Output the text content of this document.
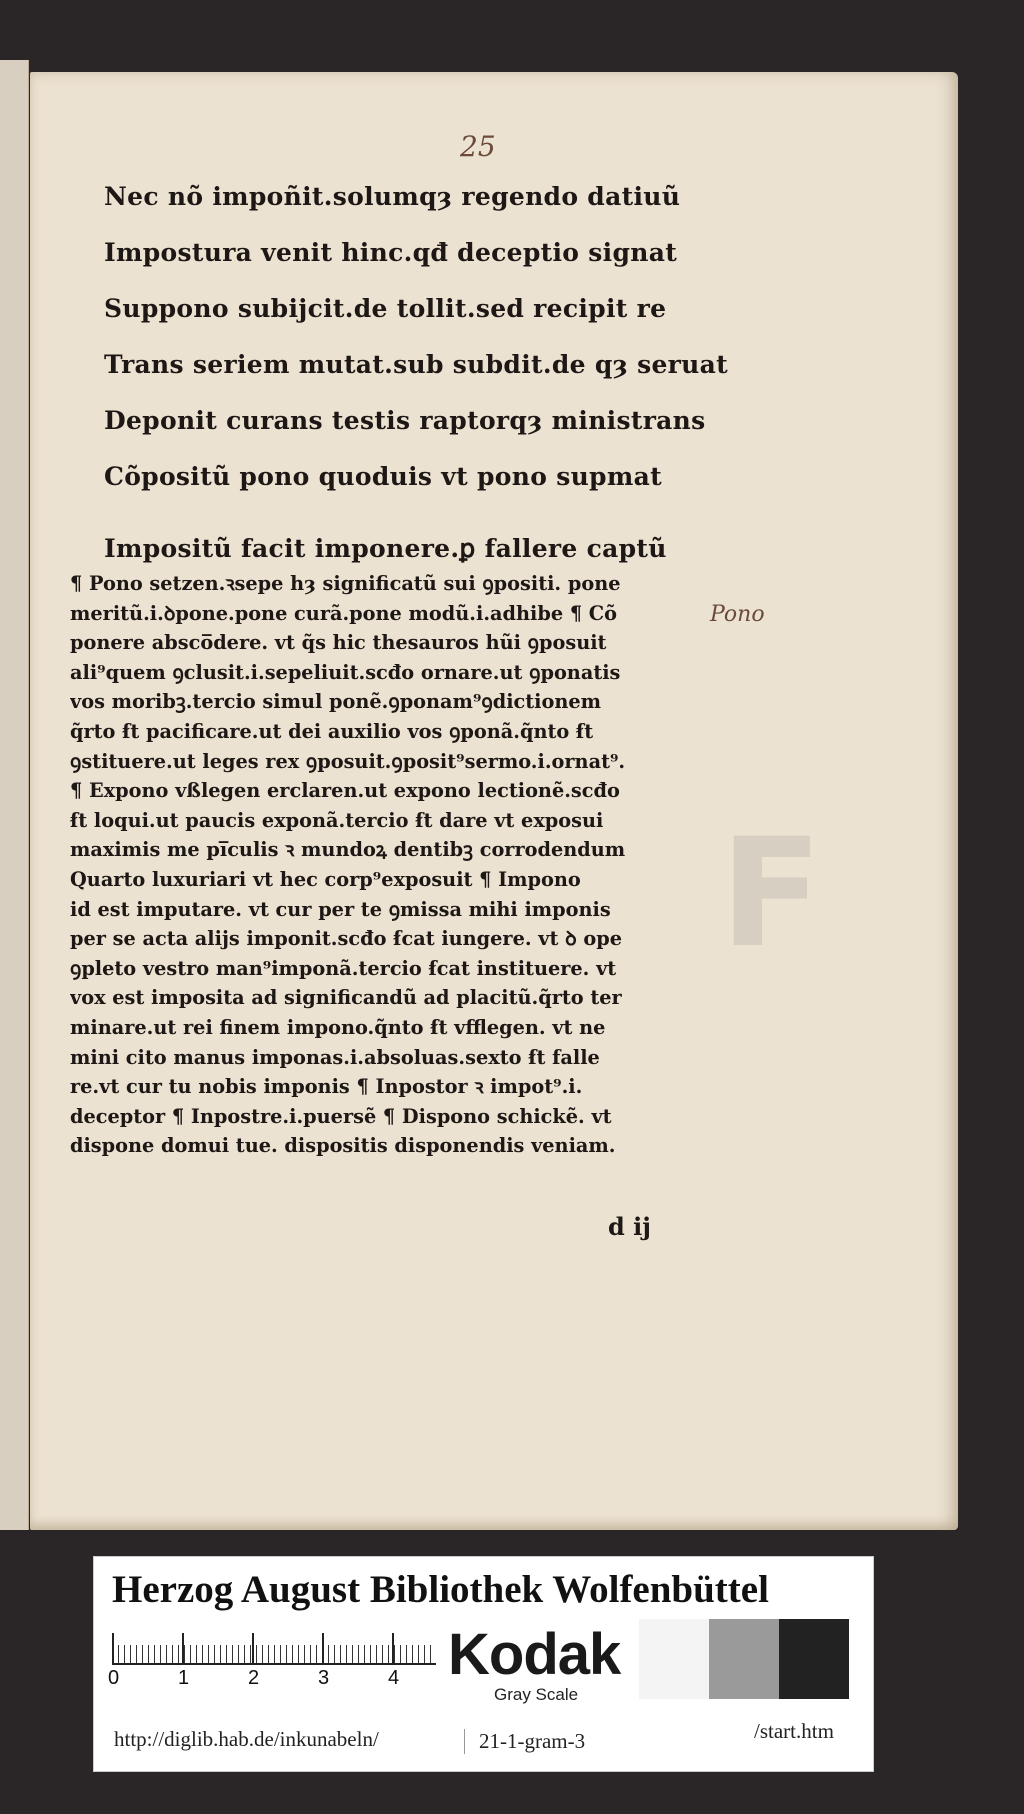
25
Nec nõ impoñit.solumqȝ regendo datiuũ
Impostura venit hinc.qđ deceptio signat
Suppono subijcit.de tollit.sed recipit re
Trans seriem mutat.sub subdit.de qȝ seruat
Deponit curans testis raptorqȝ ministrans
Cõpositũ pono quoduis vt pono supmat
Impositũ facit imponere.ꝑ fallere captũ
¶ Pono setzen.ꝛsepe hȝ significatũ sui ꝯpositi. pone
meritũ.i.ꝺpone.pone curã.pone modũ.i.adhibe ¶ Cõ
ponere absco̅dere. vt q̃s hic thesauros hũi ꝯposuit
ali⁹quem ꝯclusit.i.sepeliuit.scđo ornare.ut ꝯponatis
vos moribꝫ.tercio simul ponẽ.ꝯponam⁹ꝯdictionem
q̃rto ẜt pacificare.ut dei auxilio vos ꝯponã.q̃nto ẜt
ꝯstituere.ut leges rex ꝯposuit.ꝯposit⁹sermo.i.ornat⁹.
¶ Expono vßlegen erclaren.ut expono lectionẽ.scđo
ẜt loqui.ut paucis exponã.tercio ẜt dare vt exposui
maximis me pi̅culis ꝛ mundoꝝ dentibꝫ corrodendum
Quarto luxuriari vt hec corp⁹exposuit ¶ Impono
id est imputare. vt cur per te ꝯmissa mihi imponis
per se acta alijs imponit.scđo ẜcat iungere. vt ꝺ ope
ꝯpleto vestro man⁹imponã.tercio ẜcat instituere. vt
vox est imposita ad significandũ ad placitũ.q̃rto ter
minare.ut rei finem impono.q̃nto ẜt vfflegen. vt ne
mini cito manus imponas.i.absoluas.sexto ẜt falle
re.vt cur tu nobis imponis ¶ Inpostor ꝛ impot⁹.i.
deceptor ¶ Inpostre.i.puersẽ ¶ Dispono schickẽ. vt
dispone domui tue. dispositis disponendis veniam.
Pono
F
d ij
Herzog August Bibliothek Wolfenbüttel
0	1	2	3	4 Kodak
Gray Scale
http://diglib.hab.de/inkunabeln/	21-1-gram-3	/start.htm
